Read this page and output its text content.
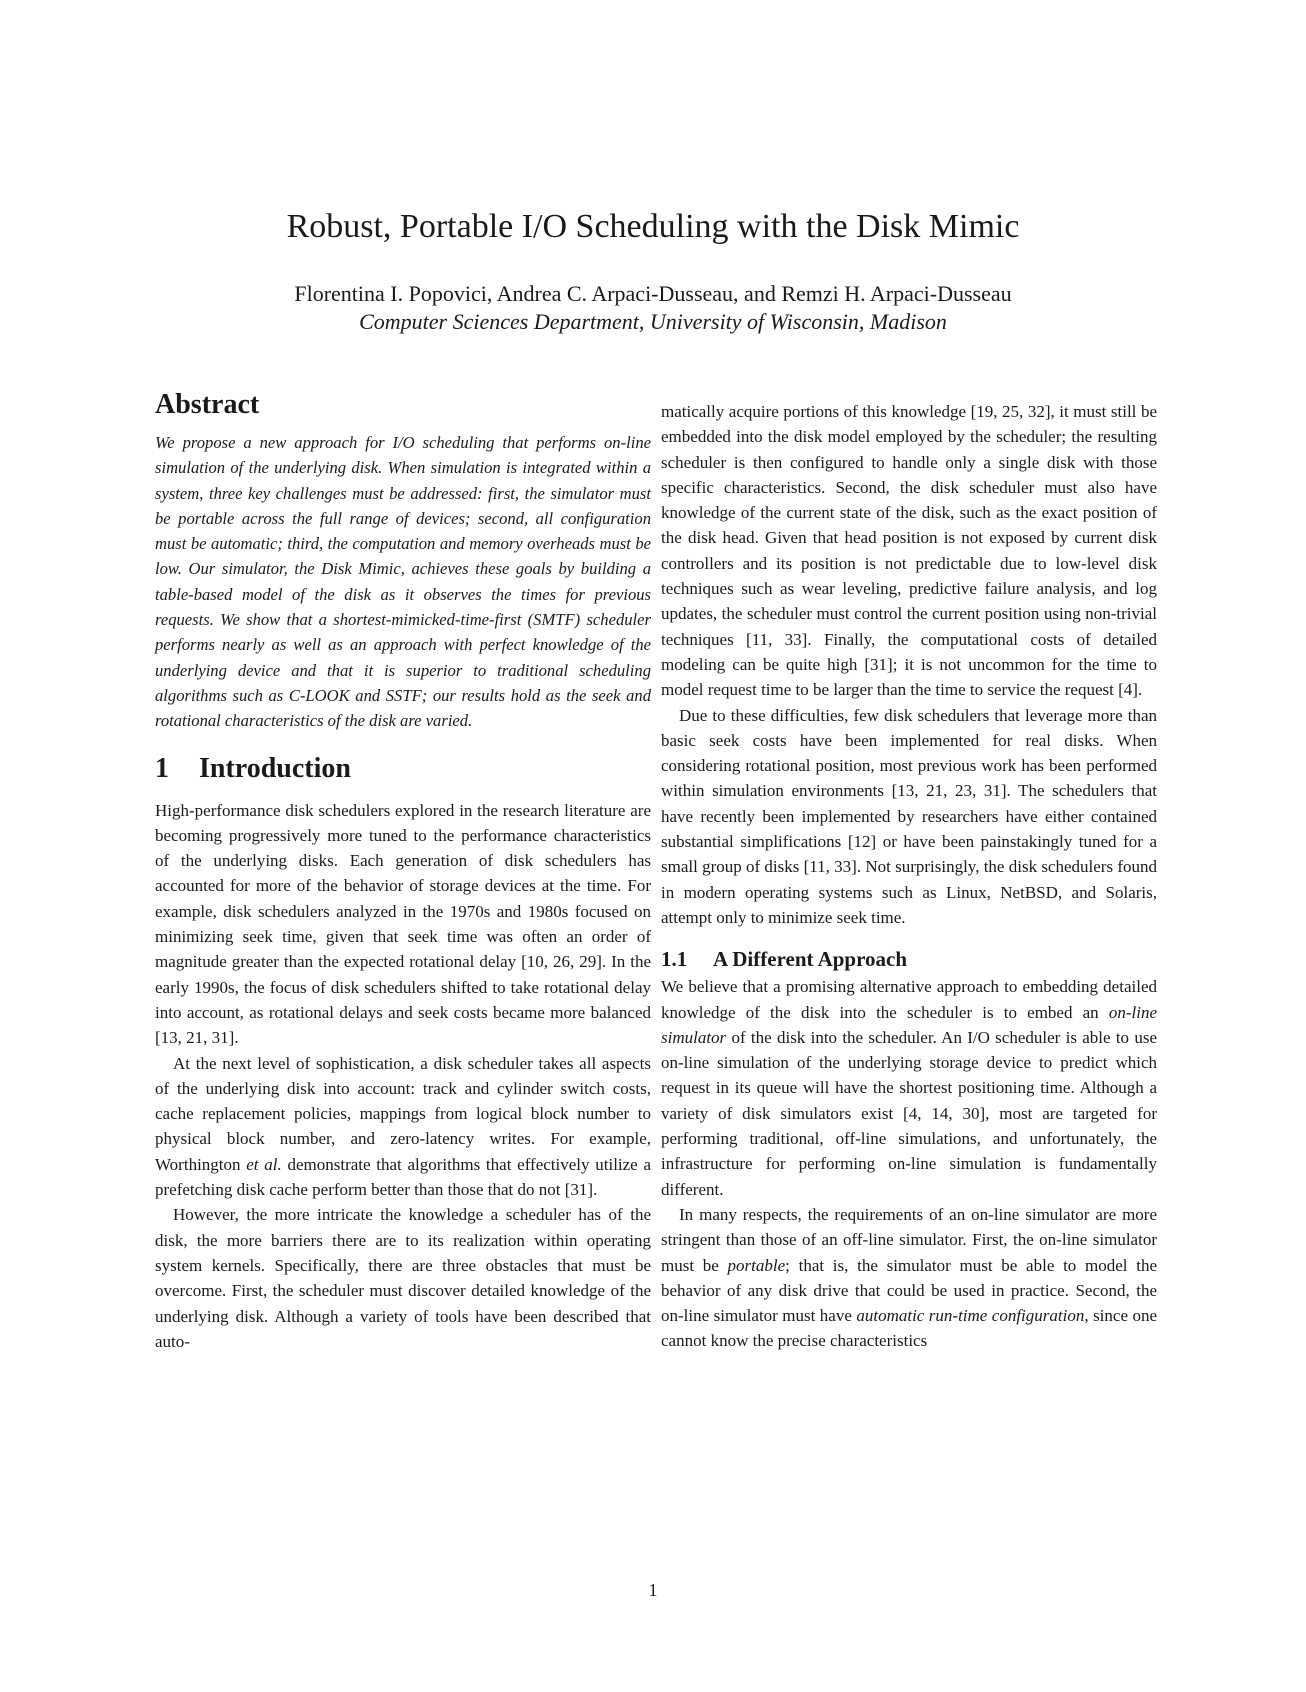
Robust, Portable I/O Scheduling with the Disk Mimic
Florentina I. Popovici, Andrea C. Arpaci-Dusseau, and Remzi H. Arpaci-Dusseau
Computer Sciences Department, University of Wisconsin, Madison
Abstract

We propose a new approach for I/O scheduling that performs on-line simulation of the underlying disk. When simulation is integrated within a system, three key challenges must be addressed: first, the simulator must be portable across the full range of devices; second, all configuration must be automatic; third, the computation and memory overheads must be low. Our simulator, the Disk Mimic, achieves these goals by building a table-based model of the disk as it observes the times for previous requests. We show that a shortest-mimicked-time-first (SMTF) scheduler performs nearly as well as an approach with perfect knowledge of the underlying device and that it is superior to traditional scheduling algorithms such as C-LOOK and SSTF; our results hold as the seek and rotational characteristics of the disk are varied.

1 Introduction

High-performance disk schedulers explored in the research literature are becoming progressively more tuned to the performance characteristics of the underlying disks. Each generation of disk schedulers has accounted for more of the behavior of storage devices at the time. For example, disk schedulers analyzed in the 1970s and 1980s focused on minimizing seek time, given that seek time was often an order of magnitude greater than the expected rotational delay [10, 26, 29]. In the early 1990s, the focus of disk schedulers shifted to take rotational delay into account, as rotational delays and seek costs became more balanced [13, 21, 31].

At the next level of sophistication, a disk scheduler takes all aspects of the underlying disk into account: track and cylinder switch costs, cache replacement policies, mappings from logical block number to physical block number, and zero-latency writes. For example, Worthington et al. demonstrate that algorithms that effectively utilize a prefetching disk cache perform better than those that do not [31].

However, the more intricate the knowledge a scheduler has of the disk, the more barriers there are to its realization within operating system kernels. Specifically, there are three obstacles that must be overcome. First, the scheduler must discover detailed knowledge of the underlying disk. Although a variety of tools have been described that auto-

matically acquire portions of this knowledge [19, 25, 32], it must still be embedded into the disk model employed by the scheduler; the resulting scheduler is then configured to handle only a single disk with those specific characteristics. Second, the disk scheduler must also have knowledge of the current state of the disk, such as the exact position of the disk head. Given that head position is not exposed by current disk controllers and its position is not predictable due to low-level disk techniques such as wear leveling, predictive failure analysis, and log updates, the scheduler must control the current position using non-trivial techniques [11, 33]. Finally, the computational costs of detailed modeling can be quite high [31]; it is not uncommon for the time to model request time to be larger than the time to service the request [4].

Due to these difficulties, few disk schedulers that leverage more than basic seek costs have been implemented for real disks. When considering rotational position, most previous work has been performed within simulation environments [13, 21, 23, 31]. The schedulers that have recently been implemented by researchers have either contained substantial simplifications [12] or have been painstakingly tuned for a small group of disks [11, 33]. Not surprisingly, the disk schedulers found in modern operating systems such as Linux, NetBSD, and Solaris, attempt only to minimize seek time.

1.1 A Different Approach

We believe that a promising alternative approach to embedding detailed knowledge of the disk into the scheduler is to embed an on-line simulator of the disk into the scheduler. An I/O scheduler is able to use on-line simulation of the underlying storage device to predict which request in its queue will have the shortest positioning time. Although a variety of disk simulators exist [4, 14, 30], most are targeted for performing traditional, off-line simulations, and unfortunately, the infrastructure for performing on-line simulation is fundamentally different.

In many respects, the requirements of an on-line simulator are more stringent than those of an off-line simulator. First, the on-line simulator must be portable; that is, the simulator must be able to model the behavior of any disk drive that could be used in practice. Second, the on-line simulator must have automatic run-time configuration, since one cannot know the precise characteristics

1
